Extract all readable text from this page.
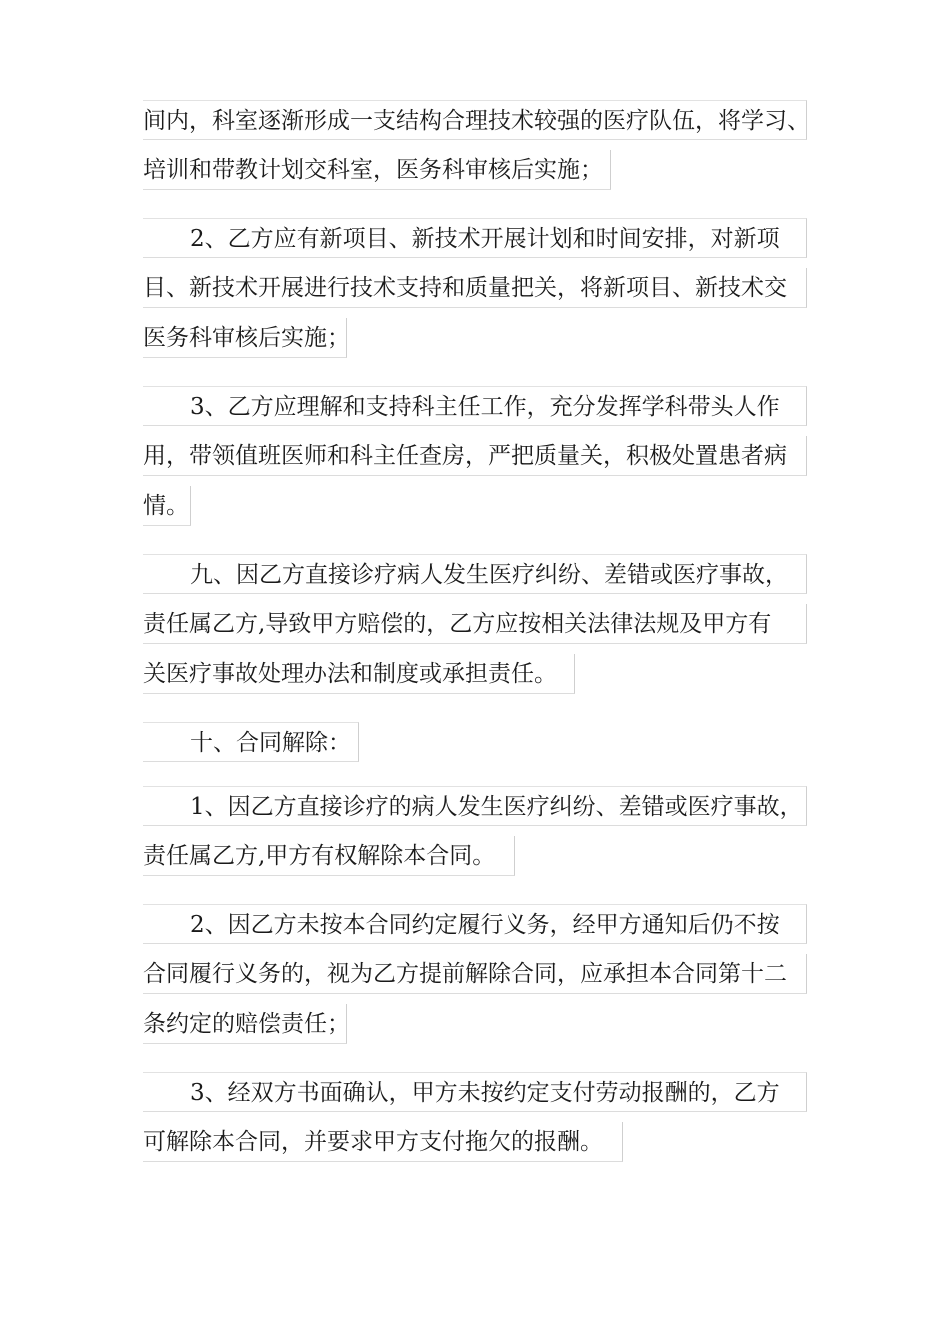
间内，科室逐渐形成一支结构合理技术较强的医疗队伍，将学习、
培训和带教计划交科室，医务科审核后实施；
2、乙方应有新项目、新技术开展计划和时间安排，对新项
目、新技术开展进行技术支持和质量把关，将新项目、新技术交
医务科审核后实施；
3、乙方应理解和支持科主任工作，充分发挥学科带头人作
用，带领值班医师和科主任查房，严把质量关，积极处置患者病
情。
九、因乙方直接诊疗病人发生医疗纠纷、差错或医疗事故，
责任属乙方,导致甲方赔偿的，乙方应按相关法律法规及甲方有
关医疗事故处理办法和制度或承担责任。
十、合同解除：
1、因乙方直接诊疗的病人发生医疗纠纷、差错或医疗事故，
责任属乙方,甲方有权解除本合同。
2、因乙方未按本合同约定履行义务，经甲方通知后仍不按
合同履行义务的，视为乙方提前解除合同，应承担本合同第十二
条约定的赔偿责任；
3、经双方书面确认，甲方未按约定支付劳动报酬的，乙方
可解除本合同，并要求甲方支付拖欠的报酬。
